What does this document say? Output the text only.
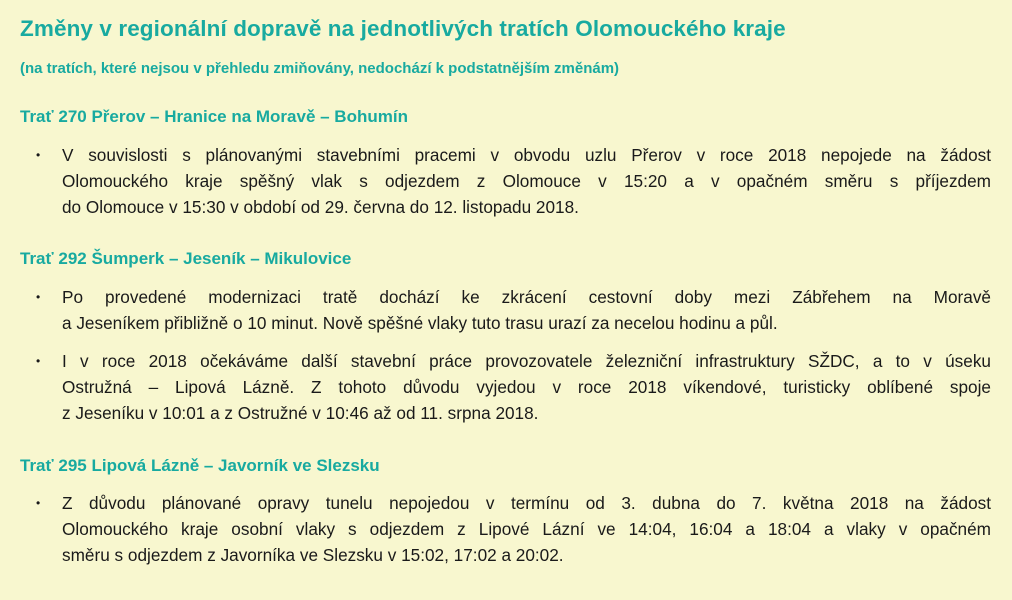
Změny v regionální dopravě na jednotlivých tratích Olomouckého kraje
(na tratích, které nejsou v přehledu zmiňovány, nedochází k podstatnějším změnám)
Trať 270 Přerov – Hranice na Moravě – Bohumín
•	V souvislosti s plánovanými stavebními pracemi v obvodu uzlu Přerov v roce 2018 nepojede na žádost
Olomouckého kraje spěšný vlak s odjezdem z Olomouce v 15:20 a v opačném směru s příjezdem
do Olomouce v 15:30 v období od 29. června do 12. listopadu 2018.
Trať 292 Šumperk – Jeseník – Mikulovice
•	Po provedené modernizaci tratě dochází ke zkrácení cestovní doby mezi Zábřehem na Moravě
a Jeseníkem přibližně o 10 minut. Nově spěšné vlaky tuto trasu urazí za necelou hodinu a půl.
•	I v roce 2018 očekáváme další stavební práce provozovatele železniční infrastruktury SŽDC, a to v úseku
Ostružná – Lipová Lázně. Z tohoto důvodu vyjedou v roce 2018 víkendové, turisticky oblíbené spoje
z Jeseníku v 10:01 a z Ostružné v 10:46 až od 11. srpna 2018.
Trať 295 Lipová Lázně – Javorník ve Slezsku
•	Z důvodu plánované opravy tunelu nepojedou v termínu od 3. dubna do 7. května 2018 na žádost
Olomouckého kraje osobní vlaky s odjezdem z Lipové Lázní ve 14:04, 16:04 a 18:04 a vlaky v opačném
směru s odjezdem z Javorníka ve Slezsku v 15:02, 17:02 a 20:02.
